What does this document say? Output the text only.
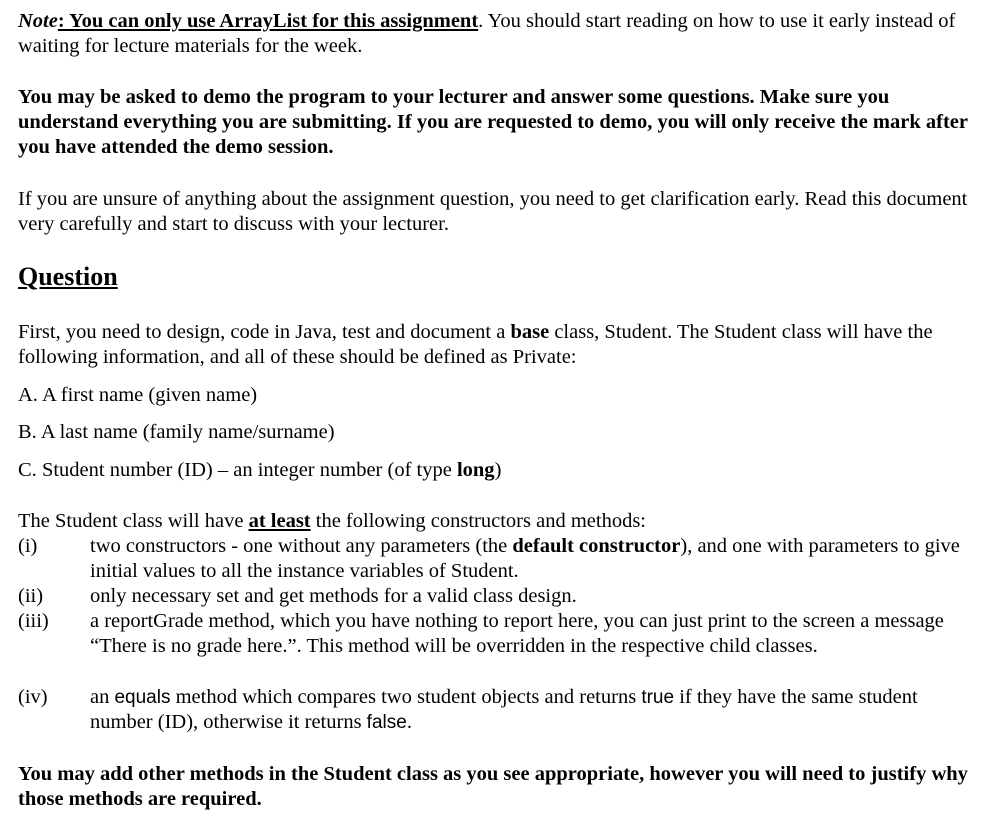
Note: You can only use ArrayList for this assignment. You should start reading on how to use it early instead of waiting for lecture materials for the week.
You may be asked to demo the program to your lecturer and answer some questions. Make sure you understand everything you are submitting. If you are requested to demo, you will only receive the mark after you have attended the demo session.
If you are unsure of anything about the assignment question, you need to get clarification early. Read this document very carefully and start to discuss with your lecturer.
Question
First, you need to design, code in Java, test and document a base class, Student. The Student class will have the following information, and all of these should be defined as Private:
A. A first name (given name)
B. A last name (family name/surname)
C. Student number (ID) – an integer number (of type long)
The Student class will have at least the following constructors and methods:
(i)	two constructors - one without any parameters (the default constructor), and one with parameters to give initial values to all the instance variables of Student.
(ii) only necessary set and get methods for a valid class design.
(iii) a reportGrade method, which you have nothing to report here, you can just print to the screen a message “There is no grade here.”. This method will be overridden in the respective child classes.
(iv) an equals method which compares two student objects and returns true if they have the same student number (ID), otherwise it returns false.
You may add other methods in the Student class as you see appropriate, however you will need to justify why those methods are required.
